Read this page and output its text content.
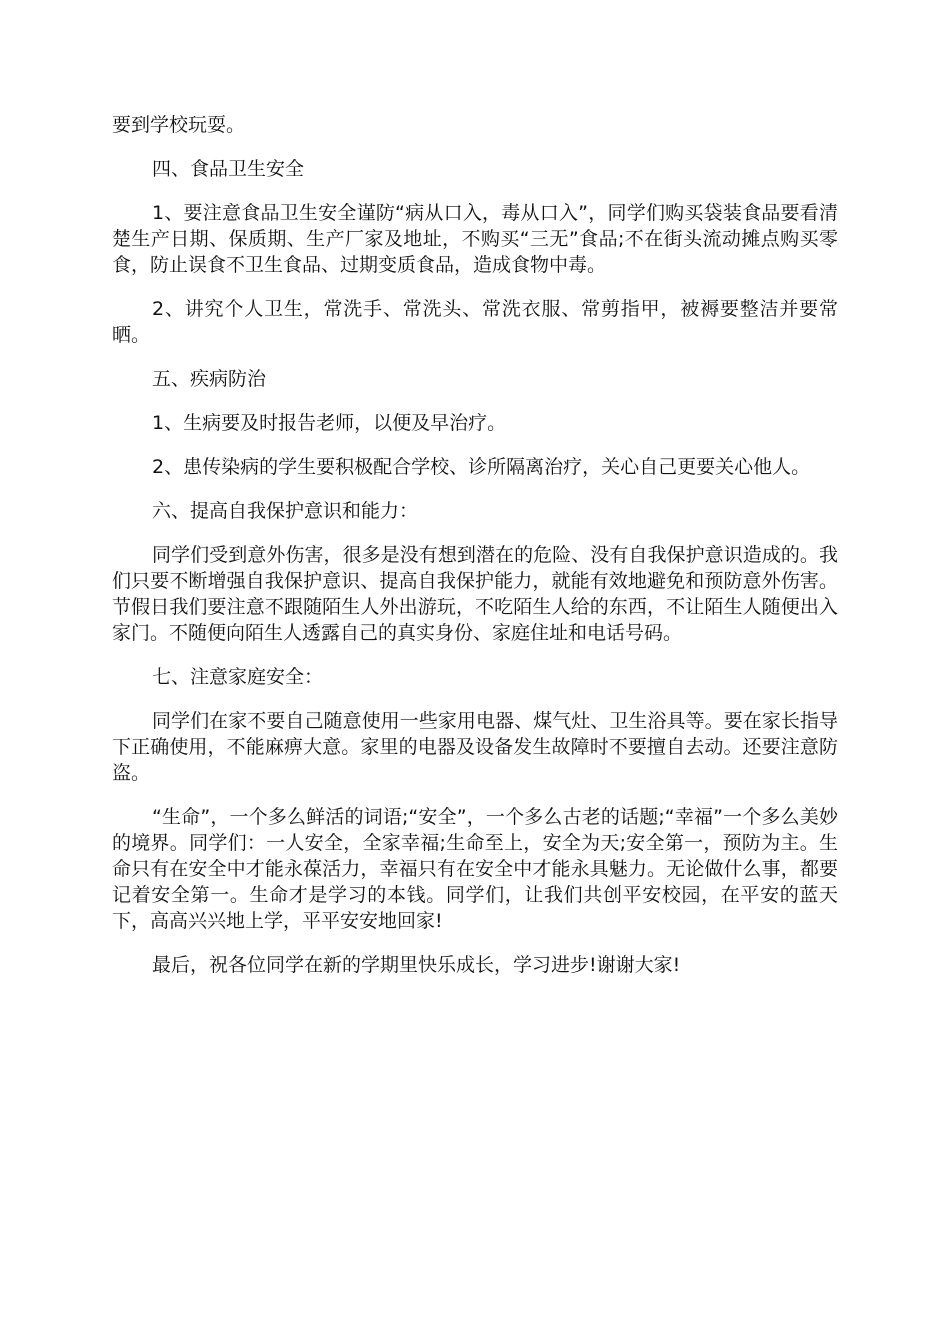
要到学校玩耍。

四、食品卫生安全

1、要注意食品卫生安全谨防“病从口入，毒从口入”，同学们购买袋装食品要看清楚生产日期、保质期、生产厂家及地址，不购买“三无”食品;不在街头流动摊点购买零食，防止误食不卫生食品、过期变质食品，造成食物中毒。

2、讲究个人卫生，常洗手、常洗头、常洗衣服、常剪指甲，被褥要整洁并要常晒。

五、疾病防治

1、生病要及时报告老师，以便及早治疗。

2、患传染病的学生要积极配合学校、诊所隔离治疗，关心自己更要关心他人。

六、提高自我保护意识和能力：

同学们受到意外伤害，很多是没有想到潜在的危险、没有自我保护意识造成的。我们只要不断增强自我保护意识、提高自我保护能力，就能有效地避免和预防意外伤害。节假日我们要注意不跟随陌生人外出游玩，不吃陌生人给的东西，不让陌生人随便出入家门。不随便向陌生人透露自己的真实身份、家庭住址和电话号码。

七、注意家庭安全：

同学们在家不要自己随意使用一些家用电器、煤气灶、卫生浴具等。要在家长指导下正确使用，不能麻痹大意。家里的电器及设备发生故障时不要擅自去动。还要注意防盗。

“生命”，一个多么鲜活的词语;“安全”，一个多么古老的话题;“幸福”一个多么美妙的境界。同学们：一人安全，全家幸福;生命至上，安全为天;安全第一，预防为主。生命只有在安全中才能永葆活力，幸福只有在安全中才能永具魅力。无论做什么事，都要记着安全第一。生命才是学习的本钱。同学们，让我们共创平安校园，在平安的蓝天下，高高兴兴地上学，平平安安地回家!

最后，祝各位同学在新的学期里快乐成长，学习进步!谢谢大家!
